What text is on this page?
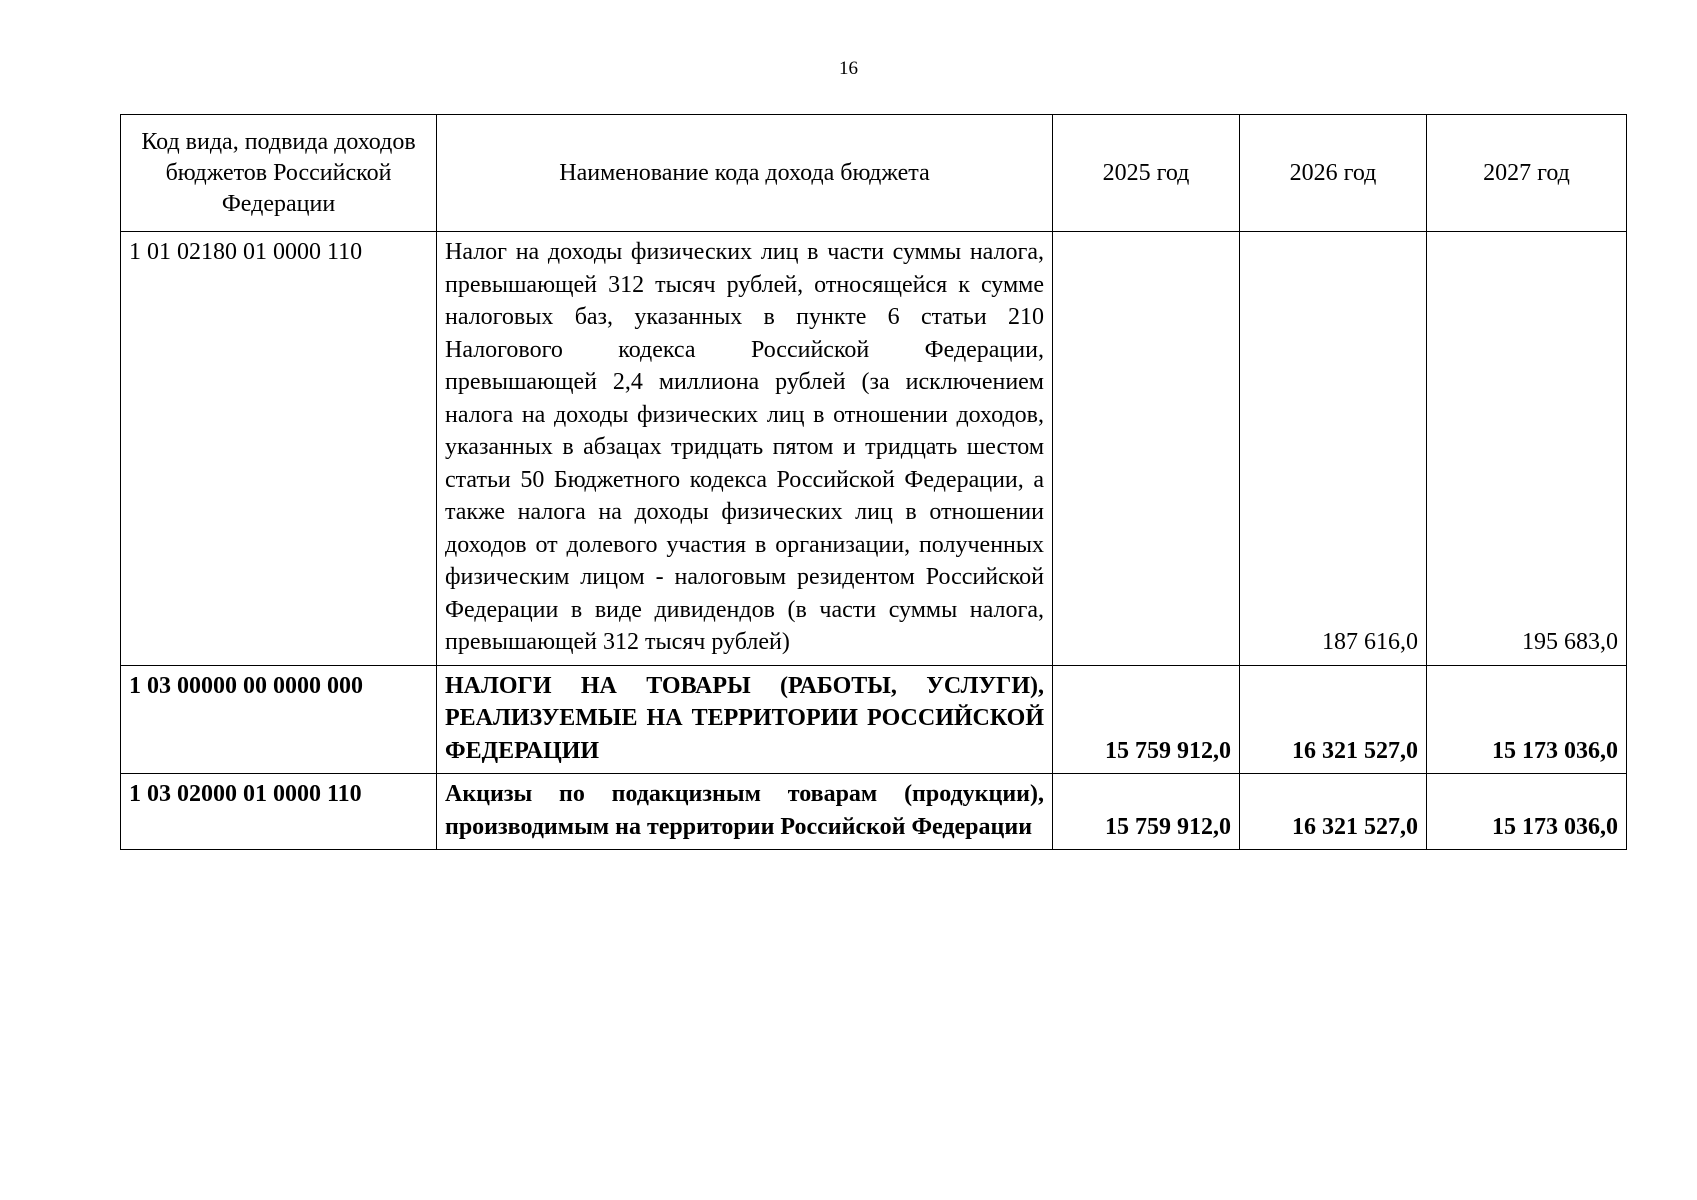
16
Код вида, подвида доходов бюджетов Российской Федерации	Наименование кода дохода бюджета	2025 год	2026 год	2027 год
1 01 02180 01 0000 110	Налог на доходы физических лиц в части суммы налога, превышающей 312 тысяч рублей, относящейся к сумме налоговых баз, указанных в пункте 6 статьи 210 Налогового кодекса Российской Федерации, превышающей 2,4 миллиона рублей (за исключением налога на доходы физических лиц в отношении доходов, указанных в абзацах тридцать пятом и тридцать шестом статьи 50 Бюджетного кодекса Российской Федерации, а также налога на доходы физических лиц в отношении доходов от долевого участия в организации, полученных физическим лицом - налоговым резидентом Российской Федерации в виде дивидендов (в части суммы налога, превышающей 312 тысяч рублей)		187 616,0	195 683,0
1 03 00000 00 0000 000	НАЛОГИ НА ТОВАРЫ (РАБОТЫ, УСЛУГИ), РЕАЛИЗУЕМЫЕ НА ТЕРРИТОРИИ РОССИЙСКОЙ ФЕДЕРАЦИИ	15 759 912,0	16 321 527,0	15 173 036,0
1 03 02000 01 0000 110	Акцизы по подакцизным товарам (продукции), производимым на территории Российской Федерации	15 759 912,0	16 321 527,0	15 173 036,0
